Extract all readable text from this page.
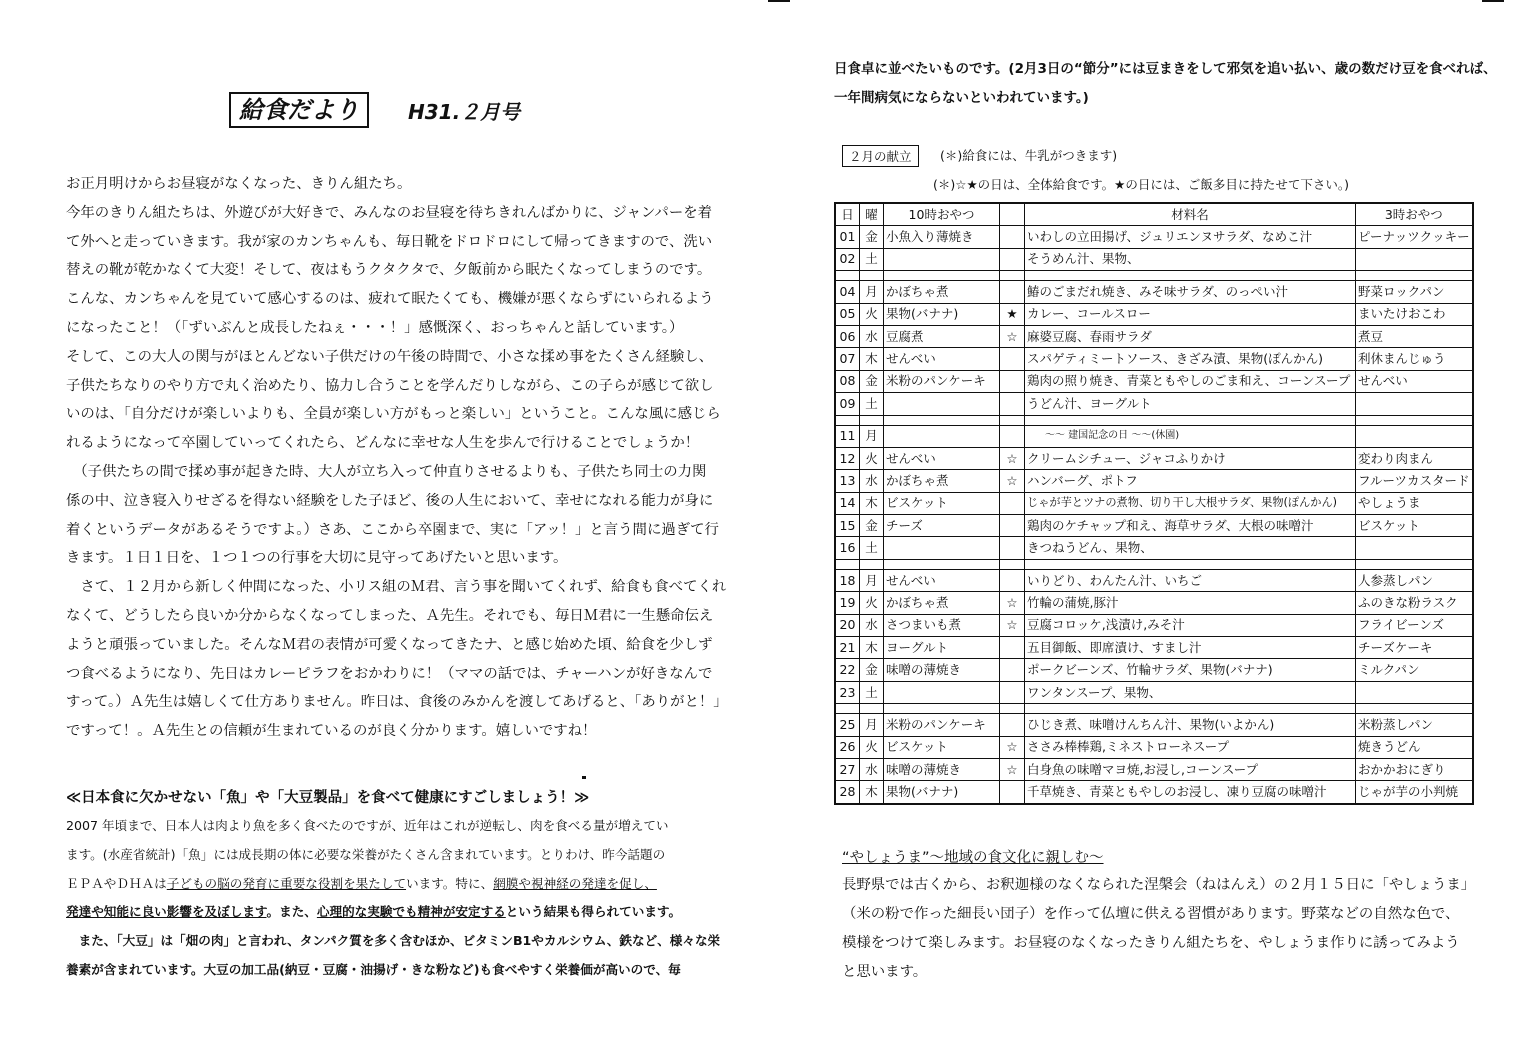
給食だより	H31.２月号

お正月明けからお昼寝がなくなった、きりん組たち。

今年のきりん組たちは、外遊びが大好きで、みんなのお昼寝を待ちきれんばかりに、ジャンパーを着

て外へと走っていきます。我が家のカンちゃんも、毎日靴をドロドロにして帰ってきますので、洗い

替えの靴が乾かなくて大変！そして、夜はもうクタクタで、夕飯前から眠たくなってしまうのです。

こんな、カンちゃんを見ていて感心するのは、疲れて眠たくても、機嫌が悪くならずにいられるよう

になったこと！（「ずいぶんと成長したねぇ・・・！」感慨深く、おっちゃんと話しています。）

そして、この大人の関与がほとんどない子供だけの午後の時間で、小さな揉め事をたくさん経験し、

子供たちなりのやり方で丸く治めたり、協力し合うことを学んだりしながら、この子らが感じて欲し

いのは、「自分だけが楽しいよりも、全員が楽しい方がもっと楽しい」ということ。こんな風に感じら

れるようになって卒園していってくれたら、どんなに幸せな人生を歩んで行けることでしょうか！

　（子供たちの間で揉め事が起きた時、大人が立ち入って仲直りさせるよりも、子供たち同士の力関

係の中、泣き寝入りせざるを得ない経験をした子ほど、後の人生において、幸せになれる能力が身に

着くというデータがあるそうですよ。）さあ、ここから卒園まで、実に「アッ！」と言う間に過ぎて行

きます。１日１日を、１つ１つの行事を大切に見守ってあげたいと思います。

　さて、１２月から新しく仲間になった、小リス組のＭ君、言う事を聞いてくれず、給食も食べてくれ

なくて、どうしたら良いか分からなくなってしまった、Ａ先生。それでも、毎日Ｍ君に一生懸命伝え

ようと頑張っていました。そんなＭ君の表情が可愛くなってきたナ、と感じ始めた頃、給食を少しず

つ食べるようになり、先日はカレーピラフをおかわりに！（ママの話では、チャーハンが好きなんで

すって。）Ａ先生は嬉しくて仕方ありません。昨日は、食後のみかんを渡してあげると、「ありがと！」

ですって！。Ａ先生との信頼が生まれているのが良く分かります。嬉しいですね！

≪日本食に欠かせない「魚」や「大豆製品」を食べて健康にすごしましょう！≫

2007 年頃まで、日本人は肉より魚を多く食べたのですが、近年はこれが逆転し、肉を食べる量が増えてい

ます。(水産省統計)「魚」には成長期の体に必要な栄養がたくさん含まれています。とりわけ、昨今話題の

ＥＰＡやＤＨＡは子どもの脳の発育に重要な役割を果たしています。特に、網膜や視神経の発達を促し、

発達や知能に良い影響を及ぼします。また、心理的な実験でも精神が安定するという結果も得られています。

　また、「大豆」は「畑の肉」と言われ、タンパク質を多く含むほか、ビタミンB1やカルシウム、鉄など、様々な栄

養素が含まれています。大豆の加工品(納豆・豆腐・油揚げ・きな粉など)も食べやすく栄養価が高いので、毎

日食卓に並べたいものです。(2月3日の“節分”には豆まきをして邪気を追い払い、歳の数だけ豆を食べれば、

一年間病気にならないといわれています。)

２月の献立	(＊)給食には、牛乳がつきます)
(＊)☆★の日は、全体給食です。★の日には、ご飯多目に持たせて下さい。)
日	曜	10時おやつ		材料名	3時おやつ
01	金	小魚入り薄焼き		いわしの立田揚げ、ジュリエンヌサラダ、なめこ汁	ピーナッツクッキー
02	土			そうめん汁、果物、	

04	月	かぼちゃ煮		鰆のごまだれ焼き、みそ味サラダ、のっぺい汁	野菜ロックパン
05	火	果物(バナナ)	★	カレー、コールスロー	まいたけおこわ
06	水	豆腐煮	☆	麻婆豆腐、春雨サラダ	煮豆
07	木	せんべい		スパゲティミートソース、きざみ漬、果物(ぽんかん)	利休まんじゅう
08	金	米粉のパンケーキ		鶏肉の照り焼き、青菜ともやしのごま和え、コーンスープ	せんべい
09	土			うどん汁、ヨーグルト	

11	月			～～ 建国記念の日 ～～(休園)	
12	火	せんべい	☆	クリームシチュー、ジャコふりかけ	変わり肉まん
13	水	かぼちゃ煮	☆	ハンバーグ、ポトフ	フルーツカスタード
14	木	ビスケット		じゃが芋とツナの煮物、切り干し大根サラダ、果物(ぽんかん)	やしょうま
15	金	チーズ		鶏肉のケチャップ和え、海草サラダ、大根の味噌汁	ビスケット
16	土			きつねうどん、果物、	

18	月	せんべい		いりどり、わんたん汁、いちご	人参蒸しパン
19	火	かぼちゃ煮	☆	竹輪の蒲焼,豚汁	ふのきな粉ラスク
20	水	さつまいも煮	☆	豆腐コロッケ,浅漬け,みそ汁	フライビーンズ
21	木	ヨーグルト		五目御飯、即席漬け、すまし汁	チーズケーキ
22	金	味噌の薄焼き		ポークビーンズ、竹輪サラダ、果物(バナナ)	ミルクパン
23	土			ワンタンスープ、果物、	

25	月	米粉のパンケーキ		ひじき煮、味噌けんちん汁、果物(いよかん)	米粉蒸しパン
26	火	ビスケット	☆	ささみ棒棒鶏,ミネストローネスープ	焼きうどん
27	水	味噌の薄焼き	☆	白身魚の味噌マヨ焼,お浸し,コーンスープ	おかかおにぎり
28	木	果物(バナナ)		千草焼き、青菜ともやしのお浸し、凍り豆腐の味噌汁	じゃが芋の小判焼
“やしょうま”～地域の食文化に親しむ～

長野県では古くから、お釈迦様のなくなられた涅槃会（ねはんえ）の２月１５日に「やしょうま」

（米の粉で作った細長い団子）を作って仏壇に供える習慣があります。野菜などの自然な色で、

模様をつけて楽しみます。お昼寝のなくなったきりん組たちを、やしょうま作りに誘ってみよう

と思います。
